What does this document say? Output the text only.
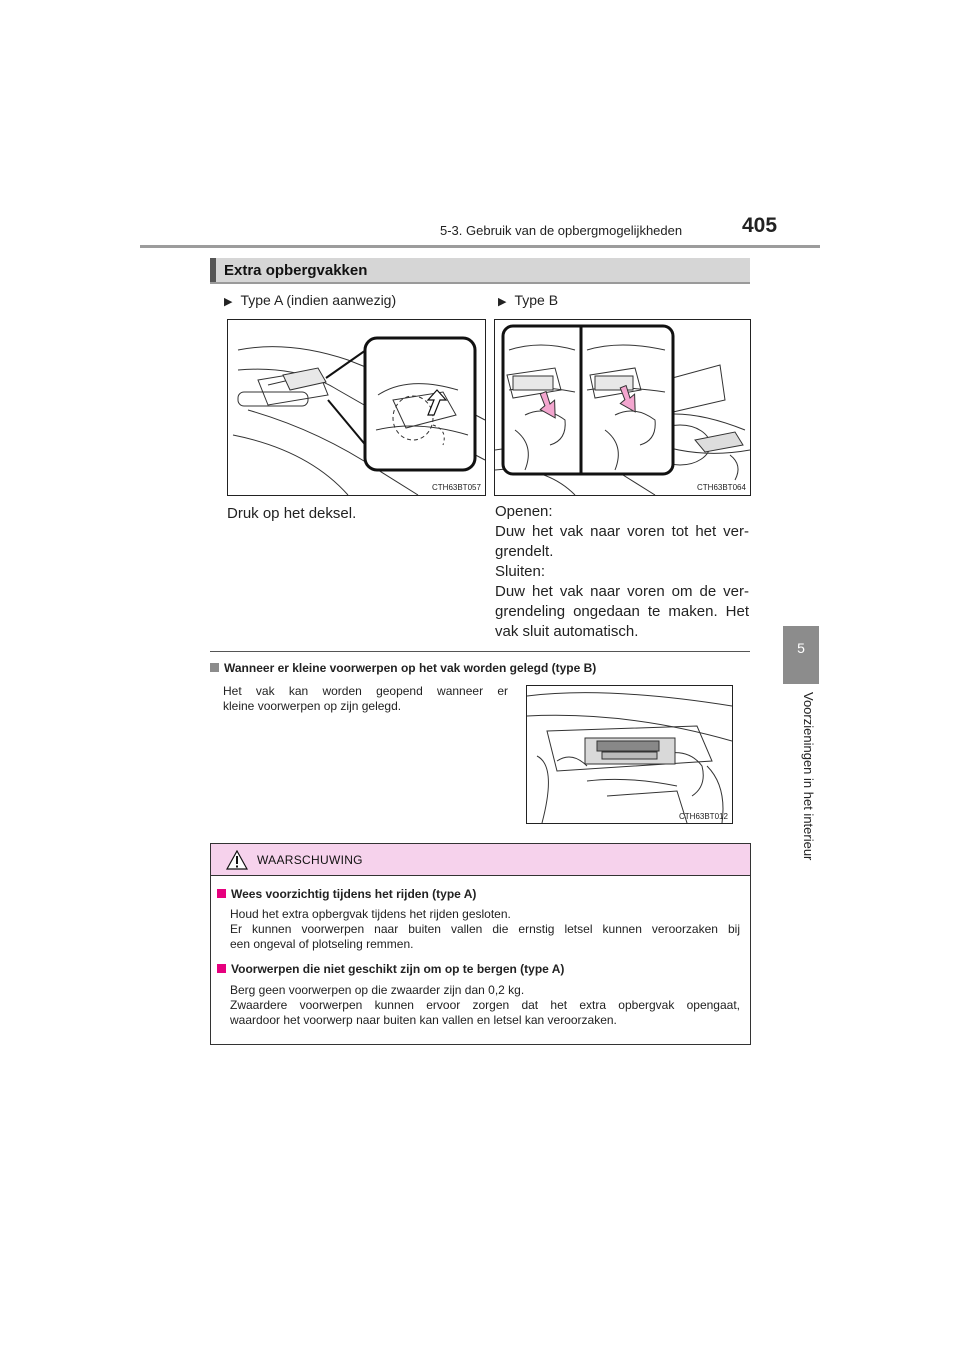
5-3. Gebruik van de opbergmogelijkheden	405
5
Voorzieningen in het interieur
Extra opbergvakken
▶ Type A (indien aanwezig)	▶ Type B
CTH63BT057	CTH63BT064
Druk op het deksel.	Openen:
Duw het vak naar voren tot het ver-
grendelt.
Sluiten:
Duw het vak naar voren om de ver-
grendeling ongedaan te maken. Het
vak sluit automatisch.
Wanneer er kleine voorwerpen op het vak worden gelegd (type B)
Het vak kan worden geopend wanneer er
kleine voorwerpen op zijn gelegd.
CTH63BT012
WAARSCHUWING
Wees voorzichtig tijdens het rijden (type A)
Houd het extra opbergvak tijdens het rijden gesloten.
Er kunnen voorwerpen naar buiten vallen die ernstig letsel kunnen veroorzaken bij
een ongeval of plotseling remmen.
Voorwerpen die niet geschikt zijn om op te bergen (type A)
Berg geen voorwerpen op die zwaarder zijn dan 0,2 kg.
Zwaardere voorwerpen kunnen ervoor zorgen dat het extra opbergvak opengaat,
waardoor het voorwerp naar buiten kan vallen en letsel kan veroorzaken.
